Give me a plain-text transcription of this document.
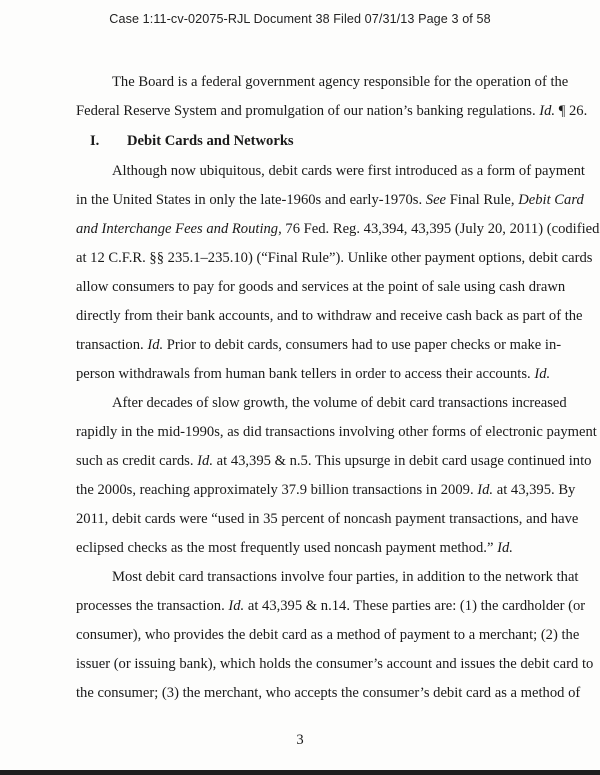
Case 1:11-cv-02075-RJL Document 38 Filed 07/31/13 Page 3 of 58
The Board is a federal government agency responsible for the operation of the
Federal Reserve System and promulgation of our nation’s banking regulations. Id. ¶ 26.
I. Debit Cards and Networks
Although now ubiquitous, debit cards were first introduced as a form of payment
in the United States in only the late-1960s and early-1970s. See Final Rule, Debit Card
and Interchange Fees and Routing, 76 Fed. Reg. 43,394, 43,395 (July 20, 2011) (codified
at 12 C.F.R. §§ 235.1–235.10) (“Final Rule”). Unlike other payment options, debit cards
allow consumers to pay for goods and services at the point of sale using cash drawn
directly from their bank accounts, and to withdraw and receive cash back as part of the
transaction. Id. Prior to debit cards, consumers had to use paper checks or make in-
person withdrawals from human bank tellers in order to access their accounts. Id.
After decades of slow growth, the volume of debit card transactions increased
rapidly in the mid-1990s, as did transactions involving other forms of electronic payment
such as credit cards. Id. at 43,395 & n.5. This upsurge in debit card usage continued into
the 2000s, reaching approximately 37.9 billion transactions in 2009. Id. at 43,395. By
2011, debit cards were “used in 35 percent of noncash payment transactions, and have
eclipsed checks as the most frequently used noncash payment method.” Id.
Most debit card transactions involve four parties, in addition to the network that
processes the transaction. Id. at 43,395 & n.14. These parties are: (1) the cardholder (or
consumer), who provides the debit card as a method of payment to a merchant; (2) the
issuer (or issuing bank), which holds the consumer’s account and issues the debit card to
the consumer; (3) the merchant, who accepts the consumer’s debit card as a method of
3
